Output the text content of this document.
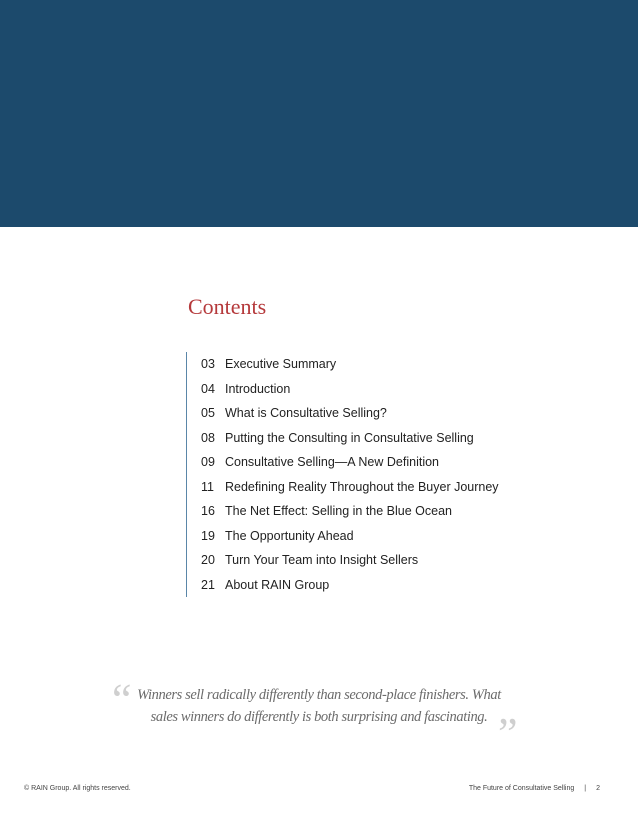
Contents
03 Executive Summary
04 Introduction
05 What is Consultative Selling?
08 Putting the Consulting in Consultative Selling
09 Consultative Selling—A New Definition
11 Redefining Reality Throughout the Buyer Journey
16 The Net Effect: Selling in the Blue Ocean
19 The Opportunity Ahead
20 Turn Your Team into Insight Sellers
21 About RAIN Group
“ Winners sell radically differently than second-place finishers. What
sales winners do differently is both surprising and fascinating. ”
© RAIN Group. All rights reserved.	The Future of Consultative Selling | 2
